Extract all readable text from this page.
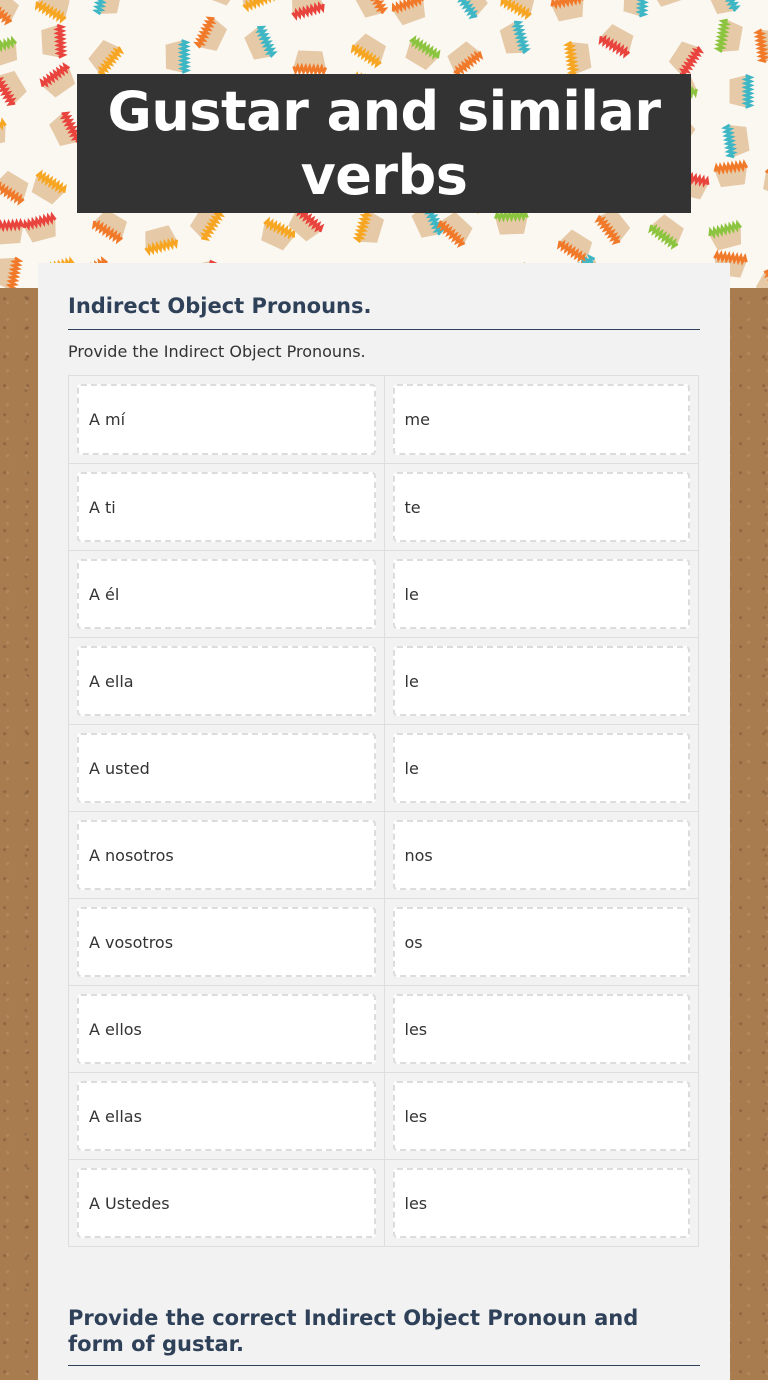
Gustar and similar verbs
Indirect Object Pronouns.
Provide the Indirect Object Pronouns.
A mí	me
A ti	te
A él	le
A ella	le
A usted	le
A nosotros	nos
A vosotros	os
A ellos	les
A ellas	les
A Ustedes	les
Provide the correct Indirect Object Pronoun and form of gustar.
